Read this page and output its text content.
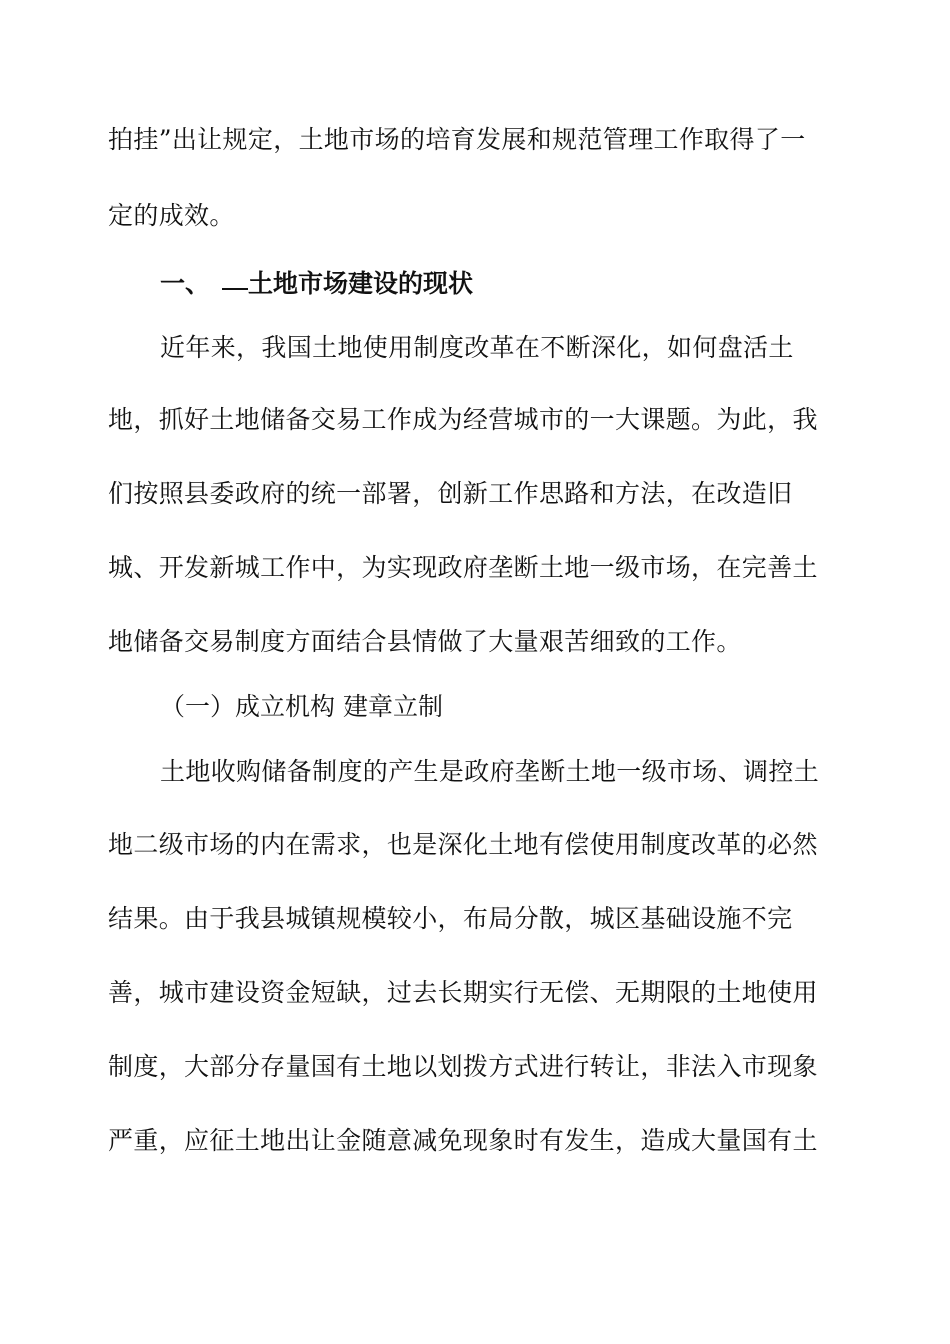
拍挂”出让规定，土地市场的培育发展和规范管理工作取得了一
定的成效。
一、 土地市场建设的现状
近年来，我国土地使用制度改革在不断深化，如何盘活土
地，抓好土地储备交易工作成为经营城市的一大课题。为此，我
们按照县委政府的统一部署，创新工作思路和方法，在改造旧
城、开发新城工作中，为实现政府垄断土地一级市场，在完善土
地储备交易制度方面结合县情做了大量艰苦细致的工作。
（一）成立机构 建章立制
土地收购储备制度的产生是政府垄断土地一级市场、调控土
地二级市场的内在需求，也是深化土地有偿使用制度改革的必然
结果。由于我县城镇规模较小，布局分散，城区基础设施不完
善，城市建设资金短缺，过去长期实行无偿、无期限的土地使用
制度，大部分存量国有土地以划拨方式进行转让，非法入市现象
严重，应征土地出让金随意减免现象时有发生，造成大量国有土
